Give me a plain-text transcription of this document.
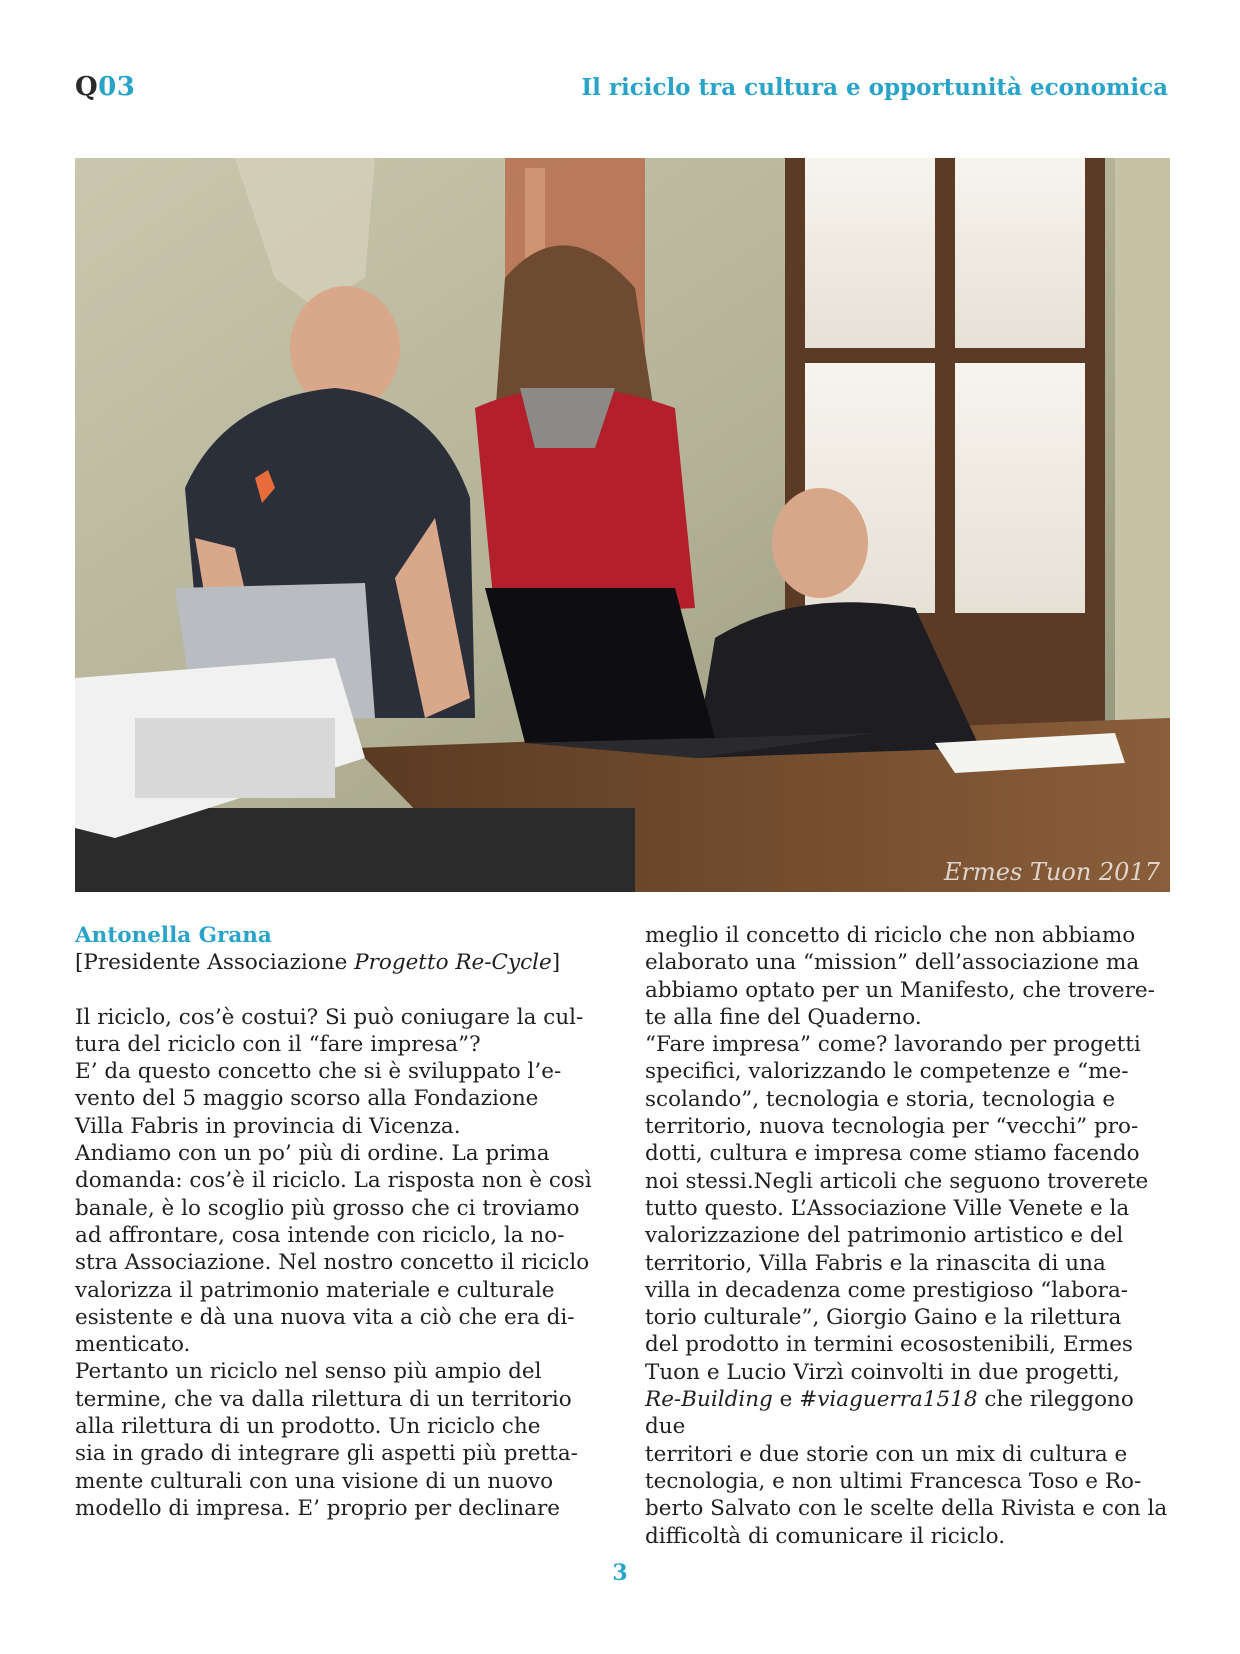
Q03	Il riciclo tra cultura e opportunità economica
Ermes Tuon 2017

Antonella Grana

[Presidente Associazione Progetto Re-Cycle]

Il riciclo, cos’è costui? Si può coniugare la cul-

tura del riciclo con il “fare impresa”?

E’ da questo concetto che si è sviluppato l’e-

vento del 5 maggio scorso alla Fondazione

Villa Fabris in provincia di Vicenza.

Andiamo con un po’ più di ordine. La prima

domanda: cos’è il riciclo. La risposta non è così

banale, è lo scoglio più grosso che ci troviamo

ad affrontare, cosa intende con riciclo, la no-

stra Associazione. Nel nostro concetto il riciclo

valorizza il patrimonio materiale e culturale

esistente e dà una nuova vita a ciò che era di-

menticato.

Pertanto un riciclo nel senso più ampio del

termine, che va dalla rilettura di un territorio

alla rilettura di un prodotto. Un riciclo che

sia in grado di integrare gli aspetti più pretta-

mente culturali con una visione di un nuovo

modello di impresa. E’ proprio per declinare

meglio il concetto di riciclo che non abbiamo

elaborato una “mission” dell’associazione ma

abbiamo optato per un Manifesto, che trovere-

te alla fine del Quaderno.

“Fare impresa” come? lavorando per progetti

specifici, valorizzando le competenze e “me-

scolando”, tecnologia e storia, tecnologia e

territorio, nuova tecnologia per “vecchi” pro-

dotti, cultura e impresa come stiamo facendo

noi stessi.Negli articoli che seguono troverete

tutto questo. L’Associazione Ville Venete e la

valorizzazione del patrimonio artistico e del

territorio, Villa Fabris e la rinascita di una

villa in decadenza come prestigioso “labora-

torio culturale”, Giorgio Gaino e la rilettura

del prodotto in termini ecosostenibili, Ermes

Tuon e Lucio Virzì coinvolti in due progetti,

Re-Building e #viaguerra1518 che rileggono due

territori e due storie con un mix di cultura e

tecnologia, e non ultimi Francesca Toso e Ro-

berto Salvato con le scelte della Rivista e con la

difficoltà di comunicare il riciclo.

3
